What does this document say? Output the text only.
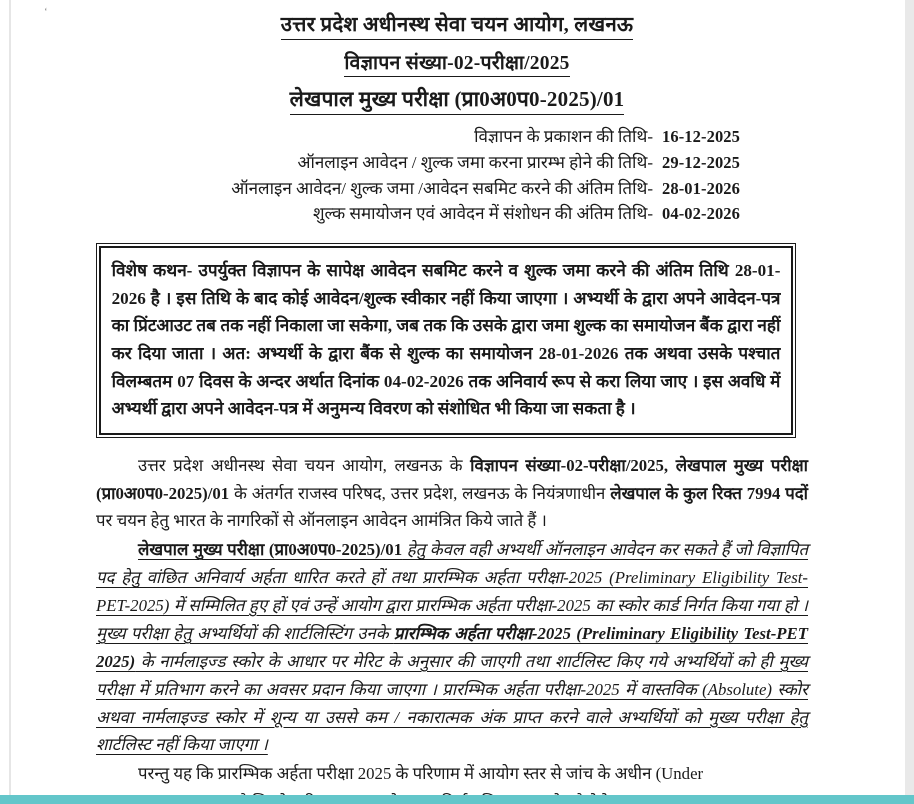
ʻ
उत्तर प्रदेश अधीनस्थ सेवा चयन आयोग, लखनऊ
विज्ञापन संख्या-02-परीक्षा/2025
लेखपाल मुख्य परीक्षा (प्रा0अ0प0-2025)/01
विज्ञापन के प्रकाशन की तिथि- 16-12-2025
ऑनलाइन आवेदन / शुल्क जमा करना प्रारम्भ होने की तिथि- 29-12-2025
ऑनलाइन आवेदन/ शुल्क जमा /आवेदन सबमिट करने की अंतिम तिथि- 28-01-2026
शुल्क समायोजन एवं आवेदन में संशोधन की अंतिम तिथि- 04-02-2026

विशेष कथन- उपर्युक्त विज्ञापन के सापेक्ष आवेदन सबमिट करने व शुल्क जमा करने की अंतिम तिथि 28-01-2026 है । इस तिथि के बाद कोई आवेदन/शुल्क स्वीकार नहीं किया जाएगा । अभ्यर्थी के द्वारा अपने आवेदन-पत्र का प्रिंटआउट तब तक नहीं निकाला जा सकेगा, जब तक कि उसके द्वारा जमा शुल्क का समायोजन बैंक द्वारा नहीं कर दिया जाता । अत: अभ्यर्थी के द्वारा बैंक से शुल्क का समायोजन 28-01-2026 तक अथवा उसके पश्चात विलम्बतम 07 दिवस के अन्दर अर्थात दिनांक 04-02-2026 तक अनिवार्य रूप से करा लिया जाए । इस अवधि में अभ्यर्थी द्वारा अपने आवेदन-पत्र में अनुमन्य विवरण को संशोधित भी किया जा सकता है ।

उत्तर प्रदेश अधीनस्थ सेवा चयन आयोग, लखनऊ के विज्ञापन संख्या-02-परीक्षा/2025, लेखपाल मुख्य परीक्षा (प्रा0अ0प0-2025)/01 के अंतर्गत राजस्व परिषद, उत्तर प्रदेश, लखनऊ के नियंत्रणाधीन लेखपाल के कुल रिक्त 7994 पदों पर चयन हेतु भारत के नागरिकों से ऑनलाइन आवेदन आमंत्रित किये जाते हैं ।

लेखपाल मुख्य परीक्षा (प्रा0अ0प0-2025)/01 हेतु केवल वही अभ्यर्थी ऑनलाइन आवेदन कर सकते हैं जो विज्ञापित पद हेतु वांछित अनिवार्य अर्हता धारित करते हों तथा प्रारम्भिक अर्हता परीक्षा-2025 (Preliminary Eligibility Test- PET-2025) में सम्मिलित हुए हों एवं उन्हें आयोग द्वारा प्रारम्भिक अर्हता परीक्षा-2025 का स्कोर कार्ड निर्गत किया गया हो । मुख्य परीक्षा हेतु अभ्यर्थियों की शार्टलिस्टिंग उनके प्रारम्भिक अर्हता परीक्षा-2025 (Preliminary Eligibility Test-PET 2025) के नार्मलाइज्ड स्कोर के आधार पर मेरिट के अनुसार की जाएगी तथा शार्टलिस्ट किए गये अभ्यर्थियों को ही मुख्य परीक्षा में प्रतिभाग करने का अवसर प्रदान किया जाएगा । प्रारम्भिक अर्हता परीक्षा-2025 में वास्तविक (Absolute) स्कोर अथवा नार्मलाइज्ड स्कोर में शून्य या उससे कम / नकारात्मक अंक प्राप्त करने वाले अभ्यर्थियों को मुख्य परीक्षा हेतु शार्टलिस्ट नहीं किया जाएगा ।

परन्तु यह कि प्रारम्भिक अर्हता परीक्षा 2025 के परिणाम में आयोग स्तर से जांच के अधीन (Under
